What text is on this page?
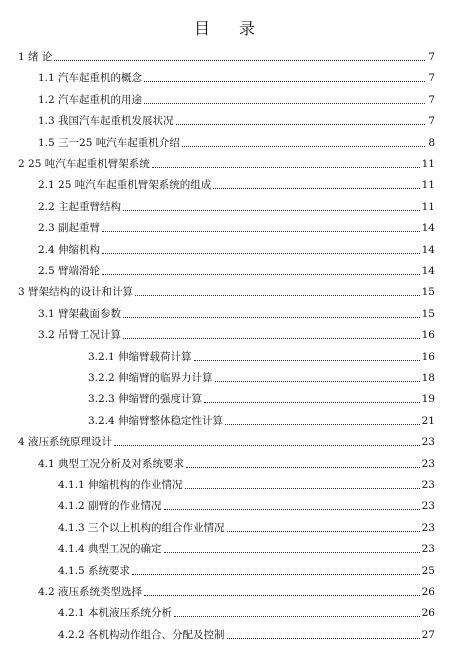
目 录
1 绪 论	7
1.1 汽车起重机的概念	7
1.2 汽车起重机的用途	7
1.3 我国汽车起重机发展状况	7
1.5 三一25 吨汽车起重机介绍	8
2 25 吨汽车起重机臂架系统	11
2.1 25 吨汽车起重机臂架系统的组成	11
2.2 主起重臂结构	11
2.3 副起重臂	14
2.4 伸缩机构	14
2.5 臂端滑轮	14
3 臂架结构的设计和计算	15
3.1 臂架截面参数	15
3.2 吊臂工况计算	16
3.2.1 伸缩臂载荷计算	16
3.2.2 伸缩臂的临界力计算	18
3.2.3 伸缩臂的强度计算	19
3.2.4 伸缩臂整体稳定性计算	21
4 液压系统原理设计	23
4.1 典型工况分析及对系统要求	23
4.1.1 伸缩机构的作业情况	23
4.1.2 副臂的作业情况	23
4.1.3 三个以上机构的组合作业情况	23
4.1.4 典型工况的确定	23
4.1.5 系统要求	25
4.2 液压系统类型选择	26
4.2.1 本机液压系统分析	26
4.2.2 各机构动作组合、分配及控制	27
